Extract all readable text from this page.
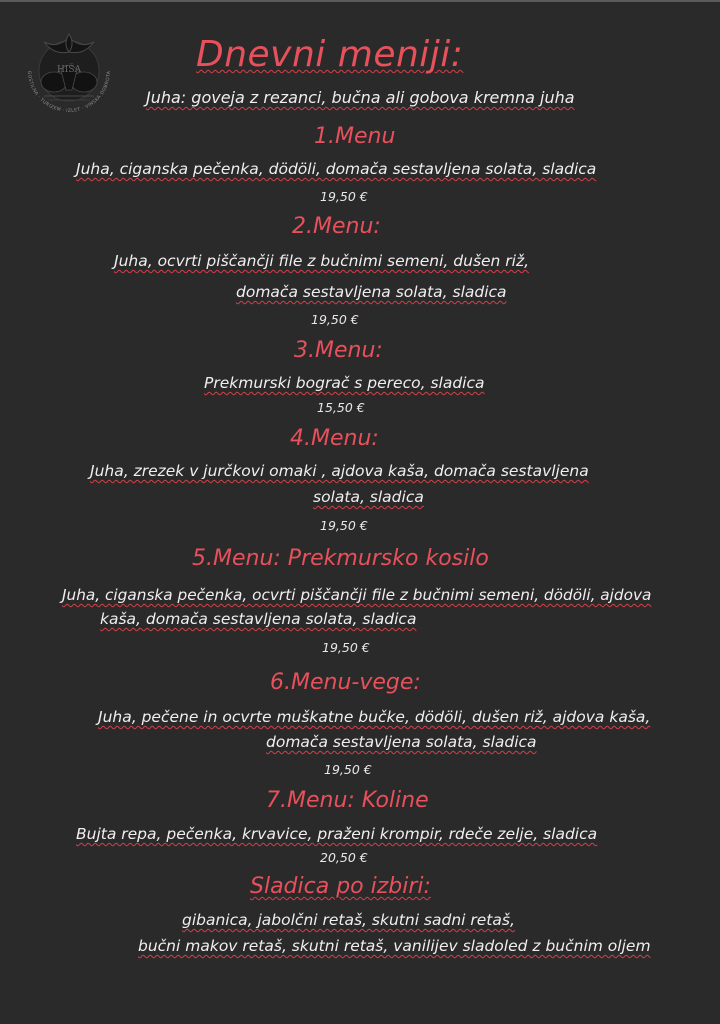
HIŠA
GOSTILNA · TURIZEM · IZLET · VINSKA DOBROTA Dnevni meniji:
Juha: goveja z rezanci, bučna ali gobova kremna juha
1.Menu
Juha, ciganska pečenka, dödöli, domača sestavljena solata, sladica
19,50 €
2.Menu:
Juha, ocvrti piščančji file z bučnimi semeni, dušen riž,
domača sestavljena solata, sladica
19,50 €
3.Menu:
Prekmurski bograč s pereco, sladica
15,50 €
4.Menu:
Juha, zrezek v jurčkovi omaki , ajdova kaša, domača sestavljena
solata, sladica
19,50 €
5.Menu: Prekmursko kosilo
Juha, ciganska pečenka, ocvrti piščančji file z bučnimi semeni, dödöli, ajdova
kaša, domača sestavljena solata, sladica
19,50 €
6.Menu-vege:
Juha, pečene in ocvrte muškatne bučke, dödöli, dušen riž, ajdova kaša,
domača sestavljena solata, sladica
19,50 €
7.Menu: Koline
Bujta repa, pečenka, krvavice, praženi krompir, rdeče zelje, sladica
20,50 €
Sladica po izbiri:
gibanica, jabolčni retaš, skutni sadni retaš,
bučni makov retaš, skutni retaš, vanilijev sladoled z bučnim oljem
